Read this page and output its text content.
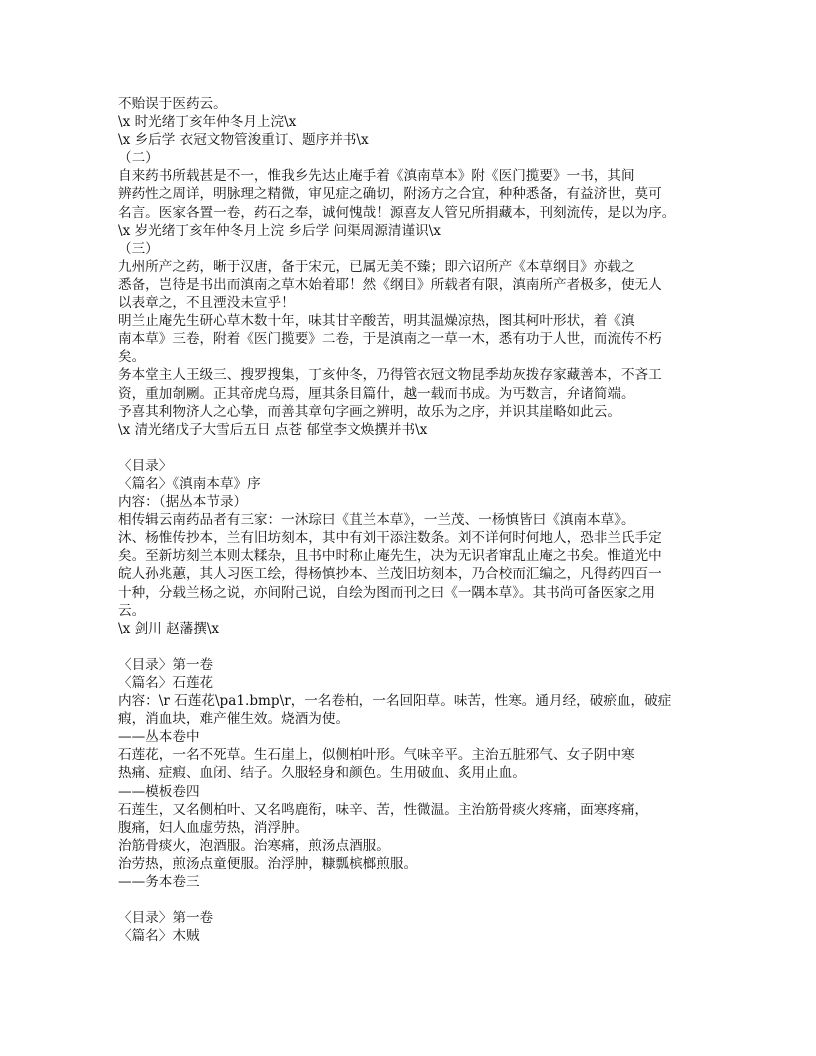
不贻误于医药云。
\x 时光绪丁亥年仲冬月上浣\x
\x 乡后学 衣冠文物管浚重订、题序并书\x
（二）
自来药书所载甚是不一，惟我乡先达止庵手着《滇南草本》附《医门揽要》一书，其间
辨药性之周详，明脉理之精微，审见症之确切，附汤方之合宜，种种悉备，有益济世，莫可
名言。医家各置一卷，药石之奉，诚何愧哉！源喜友人管兄所捐藏本，刊刻流传，是以为序。
\x 岁光绪丁亥年仲冬月上浣 乡后学 问渠周源清谨识\x
（三）
九州所产之药，晰于汉唐，备于宋元，已属无美不臻；即六诏所产《本草纲目》亦载之
悉备，岂待是书出而滇南之草木始着耶！然《纲目》所载者有限，滇南所产者极多，使无人
以表章之，不且湮没未宣乎！
明兰止庵先生研心草木数十年，味其甘辛酸苦，明其温燥凉热，图其柯叶形状，着《滇
南本草》三卷，附着《医门揽要》二卷，于是滇南之一草一木，悉有功于人世，而流传不朽
矣。
务本堂主人王级三、搜罗搜集，丁亥仲冬，乃得管衣冠文物昆季劫灰拨存家藏善本，不吝工
资，重加剞劂。正其帝虎乌焉，厘其条目篇什，越一载而书成。为丐数言，弁诸简端。
予喜其利物济人之心挚，而善其章句字画之辨明，故乐为之序，并识其崖略如此云。
\x 清光绪戊子大雪后五日 点苍 郁堂李文焕撰并书\x
〈目录〉
〈篇名〉《滇南本草》序
内容：（据丛本节录）
相传辑云南药品者有三家：一沐琮曰《苴兰本草》，一兰茂、一杨慎皆曰《滇南本草》。
沐、杨惟传抄本，兰有旧坊刻本，其中有刘干添注数条。刘不详何时何地人，恐非兰氏手定
矣。至新坊刻兰本则太糅杂，且书中时称止庵先生，决为无识者窜乱止庵之书矣。惟道光中
皖人孙兆蕙，其人习医工绘，得杨慎抄本、兰茂旧坊刻本，乃合校而汇编之，凡得药四百一
十种，分载兰杨之说，亦间附己说，自绘为图而刊之曰《一隅本草》。其书尚可备医家之用
云。
\x 剑川 赵藩撰\x
〈目录〉第一卷
〈篇名〉石莲花
内容：\r 石莲花\pa1.bmp\r，一名卷柏，一名回阳草。味苦，性寒。通月经，破瘀血，破症
瘕，消血块，难产催生效。烧酒为使。
——丛本卷中
石莲花，一名不死草。生石崖上，似侧柏叶形。气味辛平。主治五脏邪气、女子阴中寒
热痛、症瘕、血闭、结子。久服轻身和颜色。生用破血、炙用止血。
——模板卷四
石莲生，又名侧柏叶、又名鸣鹿衔，味辛、苦，性微温。主治筋骨痰火疼痛，面寒疼痛，
腹痛，妇人血虚劳热，消浮肿。
治筋骨痰火，泡酒服。治寒痛，煎汤点酒服。
治劳热，煎汤点童便服。治浮肿，糠瓢槟榔煎服。
——务本卷三
〈目录〉第一卷
〈篇名〉木贼
